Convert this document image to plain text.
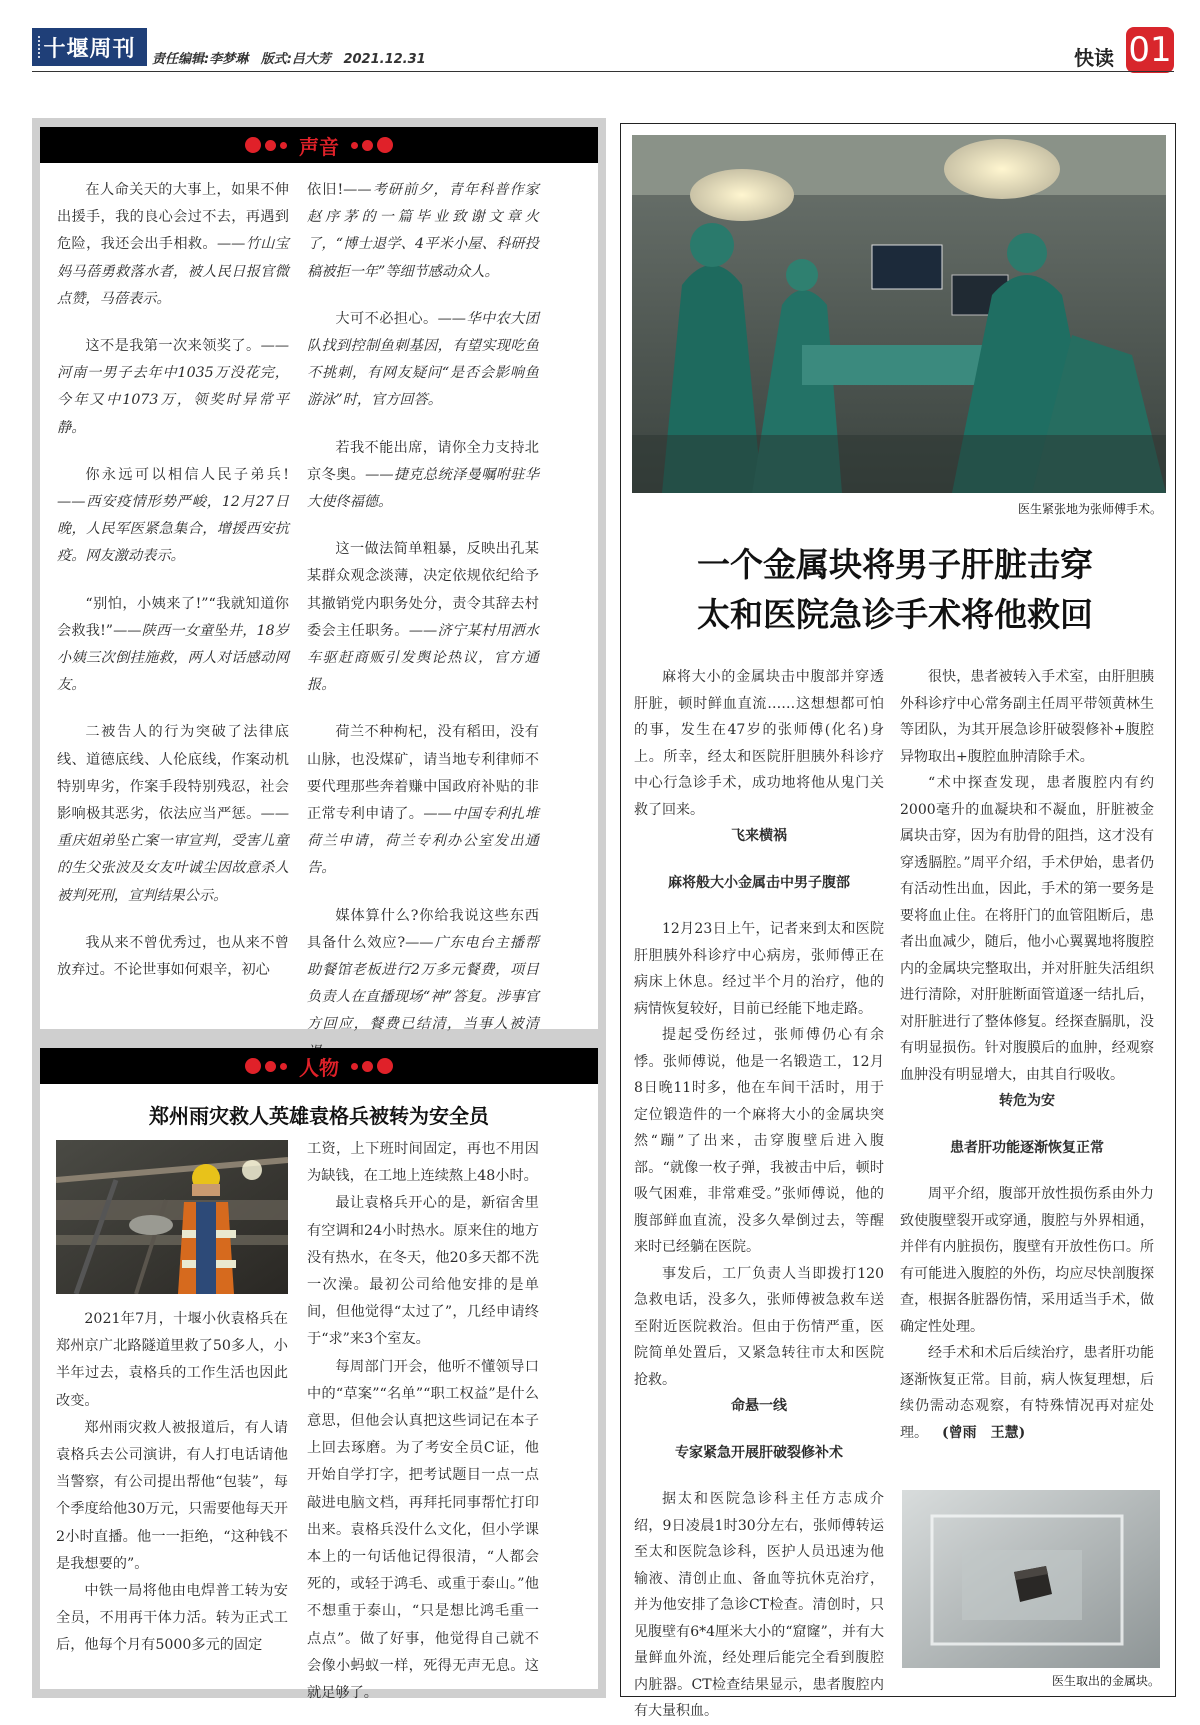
十堰周刊 责任编辑:李梦琳 版式:吕大芳 2021.12.31	快读 01
声音

在人命关天的大事上，如果不伸出援手，我的良心会过不去，再遇到危险，我还会出手相救。——竹山宝妈马蓓勇救落水者，被人民日报官微点赞，马蓓表示。

这不是我第一次来领奖了。——河南一男子去年中1035万没花完，今年又中1073万，领奖时异常平静。

你永远可以相信人民子弟兵!——西安疫情形势严峻，12月27日晚，人民军医紧急集合，增援西安抗疫。网友激动表示。

“别怕，小姨来了!”“我就知道你会救我!”——陕西一女童坠井，18岁小姨三次倒挂施救，两人对话感动网友。

二被告人的行为突破了法律底线、道德底线、人伦底线，作案动机特别卑劣，作案手段特别残忍，社会影响极其恶劣，依法应当严惩。——重庆姐弟坠亡案一审宣判，受害儿童的生父张波及女友叶诚尘因故意杀人被判死刑，宣判结果公示。

我从来不曾优秀过，也从来不曾放弃过。不论世事如何艰辛，初心

依旧!——考研前夕，青年科普作家赵序茅的一篇毕业致谢文章火了，“博士退学、4平米小屋、科研投稿被拒一年”等细节感动众人。

大可不必担心。——华中农大团队找到控制鱼刺基因，有望实现吃鱼不挑刺，有网友疑问“是否会影响鱼游泳”时，官方回答。

若我不能出席，请你全力支持北京冬奥。——捷克总统泽曼嘱咐驻华大使佟福德。

这一做法简单粗暴，反映出孔某某群众观念淡薄，决定依规依纪给予其撤销党内职务处分，责令其辞去村委会主任职务。——济宁某村用洒水车驱赶商贩引发舆论热议，官方通报。

荷兰不种枸杞，没有稻田，没有山脉，也没煤矿，请当地专利律师不要代理那些奔着赚中国政府补贴的非正常专利申请了。——中国专利扎堆荷兰申请，荷兰专利办公室发出通告。

媒体算什么?你给我说这些东西具备什么效应?——广东电台主播帮助餐馆老板进行2万多元餐费，项目负责人在直播现场“神”答复。涉事官方回应，餐费已结清，当事人被清

人物
郑州雨灾救人英雄袁格兵被转为安全员

2021年7月，十堰小伙袁格兵在郑州京广北路隧道里救了50多人，小半年过去，袁格兵的工作生活也因此改变。

郑州雨灾救人被报道后，有人请袁格兵去公司演讲，有人打电话请他当警察，有公司提出帮他“包装”，每个季度给他30万元，只需要他每天开2小时直播。他一一拒绝，“这种钱不是我想要的”。

中铁一局将他由电焊普工转为安全员，不用再干体力活。转为正式工后，他每个月有5000多元的固定

工资，上下班时间固定，再也不用因为缺钱，在工地上连续熬上48小时。

最让袁格兵开心的是，新宿舍里有空调和24小时热水。原来住的地方没有热水，在冬天，他20多天都不洗一次澡。最初公司给他安排的是单间，但他觉得“太过了”，几经申请终于“求”来3个室友。

每周部门开会，他听不懂领导口中的“草案”“名单”“职工权益”是什么意思，但他会认真把这些词记在本子上回去琢磨。为了考安全员C证，他开始自学打字，把考试题目一点一点敲进电脑文档，再拜托同事帮忙打印出来。袁格兵没什么文化，但小学课本上的一句话他记得很清，“人都会死的，或轻于鸿毛、或重于泰山。”他不想重于泰山，“只是想比鸿毛重一点点”。做了好事，他觉得自己就不会像小蚂蚁一样，死得无声无息。这就足够了。

医生紧张地为张师傅手术。
一个金属块将男子肝脏击穿
太和医院急诊手术将他救回

麻将大小的金属块击中腹部并穿透肝脏，顿时鲜血直流……这想想都可怕的事，发生在47岁的张师傅(化名)身上。所幸，经太和医院肝胆胰外科诊疗中心行急诊手术，成功地将他从鬼门关救了回来。

飞来横祸

麻将般大小金属击中男子腹部

12月23日上午，记者来到太和医院肝胆胰外科诊疗中心病房，张师傅正在病床上休息。经过半个月的治疗，他的病情恢复较好，目前已经能下地走路。

提起受伤经过，张师傅仍心有余悸。张师傅说，他是一名锻造工，12月8日晚11时多，他在车间干活时，用于定位锻造件的一个麻将大小的金属块突然“蹦”了出来，击穿腹壁后进入腹部。“就像一枚子弹，我被击中后，顿时吸气困难，非常难受。”张师傅说，他的腹部鲜血直流，没多久晕倒过去，等醒来时已经躺在医院。

事发后，工厂负责人当即拨打120急救电话，没多久，张师傅被急救车送至附近医院救治。但由于伤情严重，医院简单处置后，又紧急转往市太和医院抢救。

命悬一线

专家紧急开展肝破裂修补术

据太和医院急诊科主任方志成介绍，9日凌晨1时30分左右，张师傅转运至太和医院急诊科，医护人员迅速为他输液、清创止血、备血等抗休克治疗，并为他安排了急诊CT检查。清创时，只见腹壁有6*4厘米大小的“窟窿”，并有大量鲜血外流，经处理后能完全看到腹腔内脏器。CT检查结果显示，患者腹腔内有大量积血。

很快，患者被转入手术室，由肝胆胰外科诊疗中心常务副主任周平带领黄林生等团队，为其开展急诊肝破裂修补+腹腔异物取出+腹腔血肿清除手术。

“术中探查发现，患者腹腔内有约2000毫升的血凝块和不凝血，肝脏被金属块击穿，因为有肋骨的阻挡，这才没有穿透膈腔。”周平介绍，手术伊始，患者仍有活动性出血，因此，手术的第一要务是要将血止住。在将肝门的血管阻断后，患者出血减少，随后，他小心翼翼地将腹腔内的金属块完整取出，并对肝脏失活组织进行清除，对肝脏断面管道逐一结扎后，对肝脏进行了整体修复。经探查膈肌，没有明显损伤。针对腹膜后的血肿，经观察血肿没有明显增大，由其自行吸收。

转危为安

患者肝功能逐渐恢复正常

周平介绍，腹部开放性损伤系由外力致使腹壁裂开或穿通，腹腔与外界相通，并伴有内脏损伤，腹壁有开放性伤口。所有可能进入腹腔的外伤，均应尽快剖腹探查，根据各脏器伤情，采用适当手术，做确定性处理。

经手术和术后后续治疗，患者肝功能逐渐恢复正常。目前，病人恢复理想，后续仍需动态观察，有特殊情况再对症处理。 (曾雨　王慧)

医生取出的金属块。
